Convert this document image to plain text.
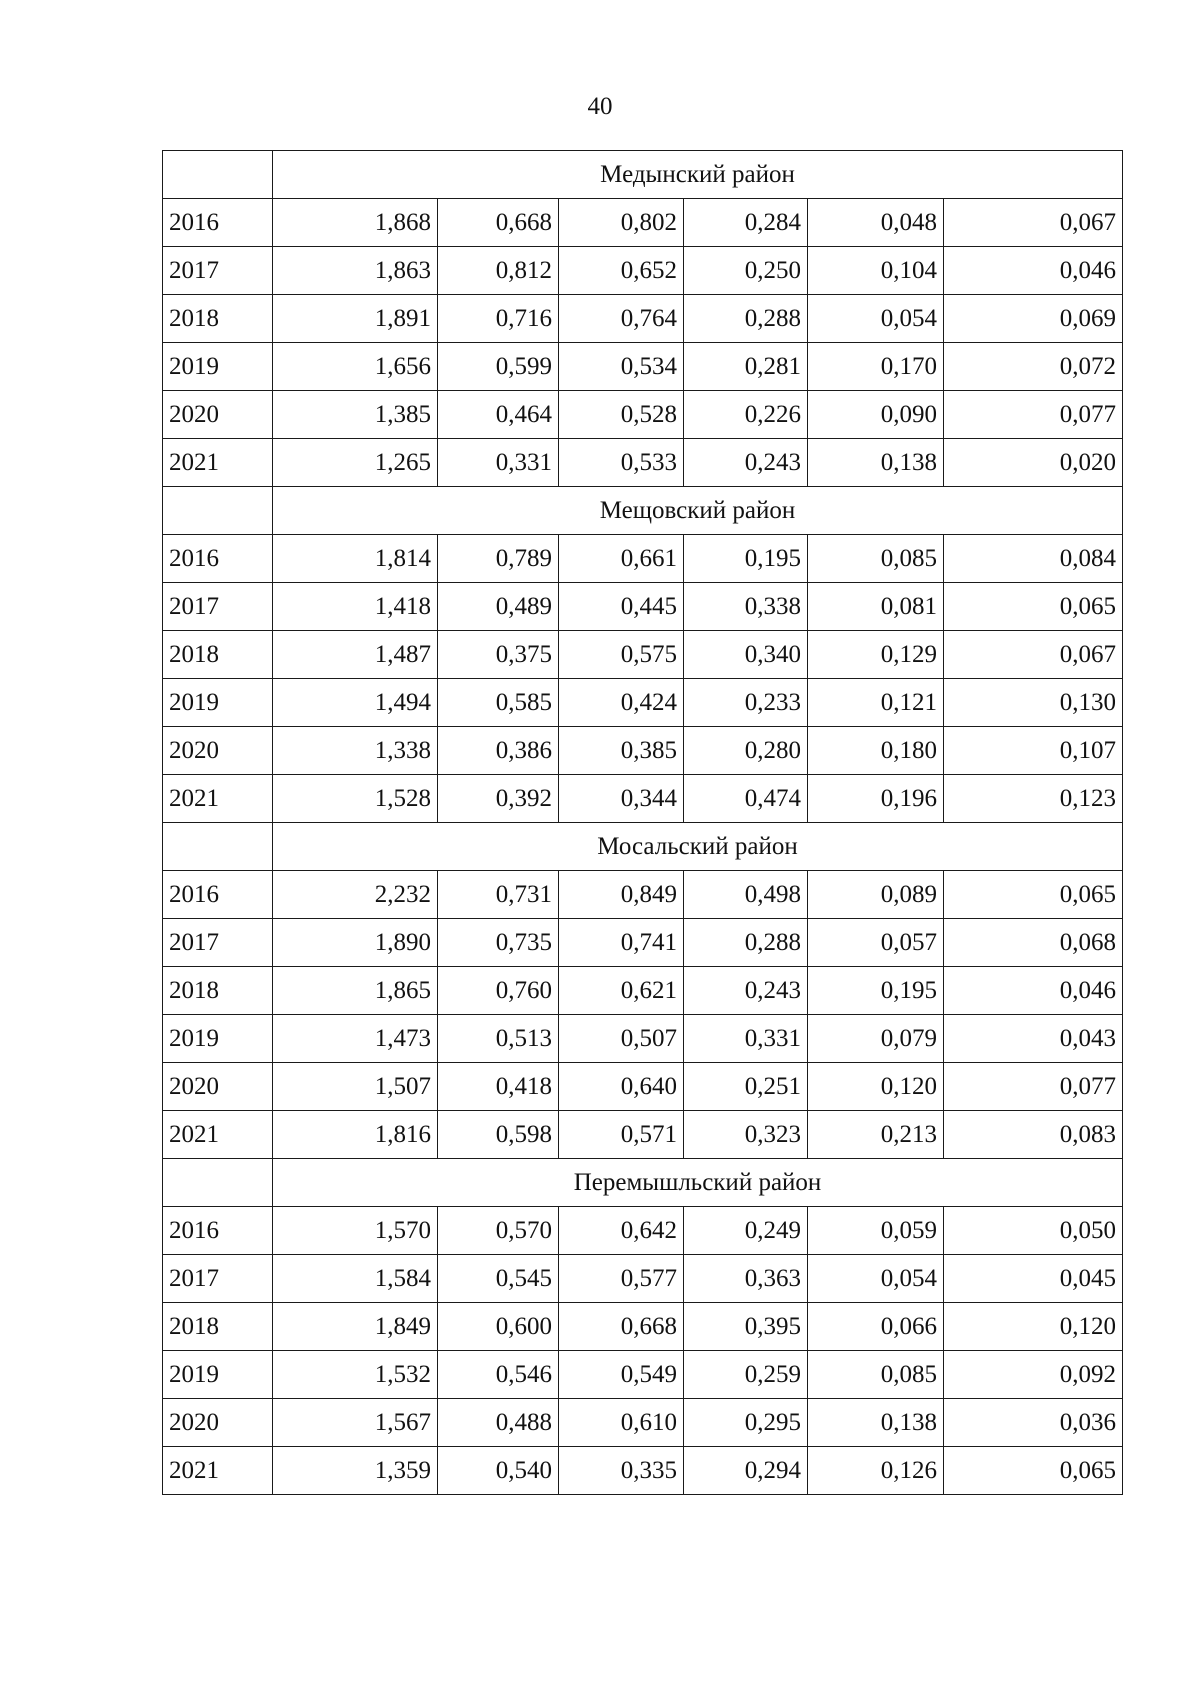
40
	Медынский район					
2016	1,868	0,668	0,802	0,284	0,048	0,067
2017	1,863	0,812	0,652	0,250	0,104	0,046
2018	1,891	0,716	0,764	0,288	0,054	0,069
2019	1,656	0,599	0,534	0,281	0,170	0,072
2020	1,385	0,464	0,528	0,226	0,090	0,077
2021	1,265	0,331	0,533	0,243	0,138	0,020
	Мещовский район					
2016	1,814	0,789	0,661	0,195	0,085	0,084
2017	1,418	0,489	0,445	0,338	0,081	0,065
2018	1,487	0,375	0,575	0,340	0,129	0,067
2019	1,494	0,585	0,424	0,233	0,121	0,130
2020	1,338	0,386	0,385	0,280	0,180	0,107
2021	1,528	0,392	0,344	0,474	0,196	0,123
	Мосальский район					
2016	2,232	0,731	0,849	0,498	0,089	0,065
2017	1,890	0,735	0,741	0,288	0,057	0,068
2018	1,865	0,760	0,621	0,243	0,195	0,046
2019	1,473	0,513	0,507	0,331	0,079	0,043
2020	1,507	0,418	0,640	0,251	0,120	0,077
2021	1,816	0,598	0,571	0,323	0,213	0,083
	Перемышльский район					
2016	1,570	0,570	0,642	0,249	0,059	0,050
2017	1,584	0,545	0,577	0,363	0,054	0,045
2018	1,849	0,600	0,668	0,395	0,066	0,120
2019	1,532	0,546	0,549	0,259	0,085	0,092
2020	1,567	0,488	0,610	0,295	0,138	0,036
2021	1,359	0,540	0,335	0,294	0,126	0,065
